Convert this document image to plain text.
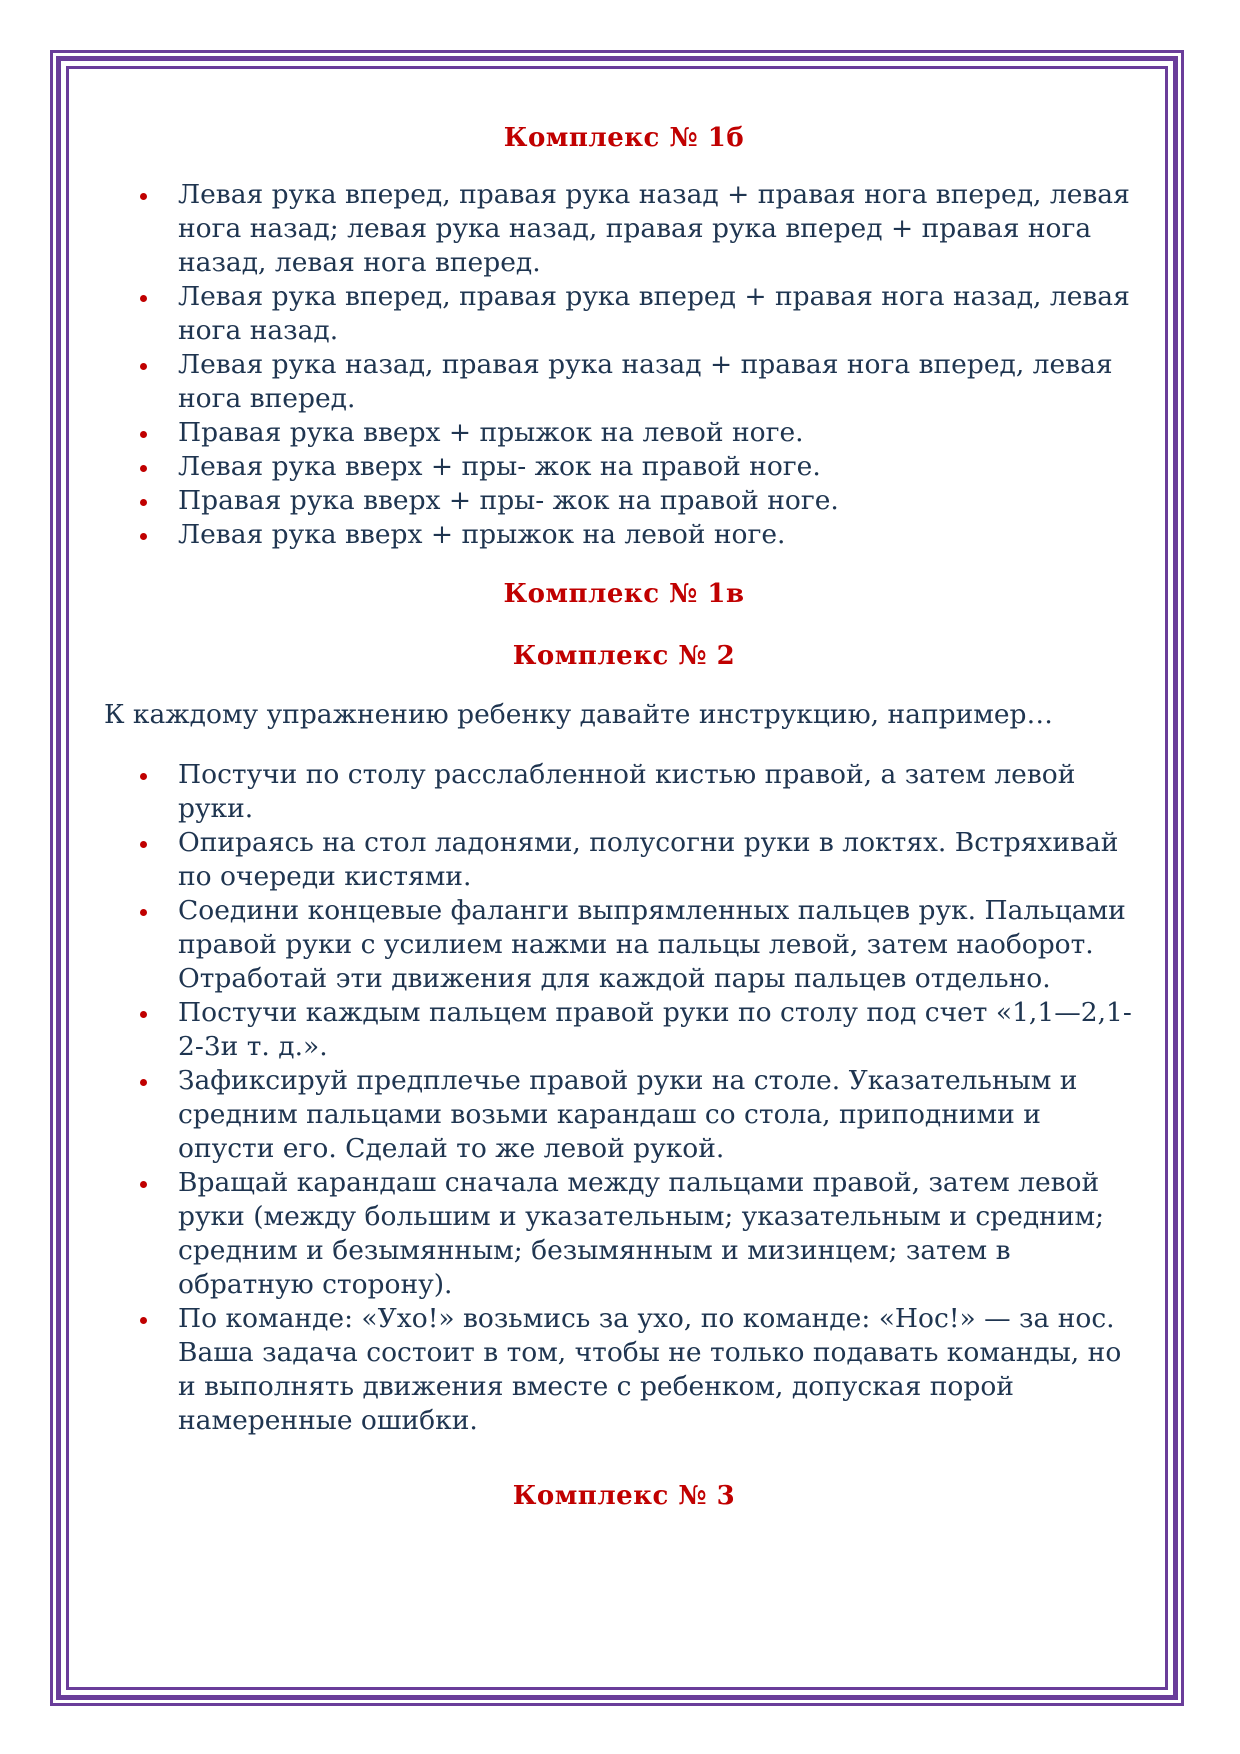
Комплекс № 1б
Левая рука вперед, правая рука назад + правая нога вперед, левая нога назад; левая рука назад, правая рука вперед + правая нога назад, левая нога вперед.
Левая рука вперед, правая рука вперед + правая нога назад, левая нога назад.
Левая рука назад, правая рука назад + правая нога вперед, левая нога вперед.
Правая рука вверх + прыжок на левой ноге.
Левая рука вверх + пры- жок на правой ноге.
Правая рука вверх + пры- жок на правой ноге.
Левая рука вверх + прыжок на левой ноге.
Комплекс № 1в
Комплекс № 2

К каждому упражнению ребенку давайте инструкцию, например…

Постучи по столу расслабленной кистью правой, а затем левой руки.
Опираясь на стол ладонями, полусогни руки в локтях. Встряхивай по очереди кистями.
Соедини концевые фаланги выпрямленных пальцев рук. Пальцами правой руки с усилием нажми на пальцы левой, затем наоборот. Отработай эти движения для каждой пары пальцев отдельно.
Постучи каждым пальцем правой руки по столу под счет «1,1—2,1-2-3и т. д.».
Зафиксируй предплечье правой руки на столе. Указательным и средним пальцами возьми карандаш со стола, приподними и опусти его. Сделай то же левой рукой.
Вращай карандаш сначала между пальцами правой, затем левой руки (между большим и указательным; указательным и средним; средним и безымянным; безымянным и мизинцем; затем в обратную сторону).
По команде: «Ухо!» возьмись за ухо, по команде: «Нос!» — за нос. Ваша задача состоит в том, чтобы не только подавать команды, но и выполнять движения вместе с ребенком, допуская порой намеренные ошибки.
Комплекс № 3
